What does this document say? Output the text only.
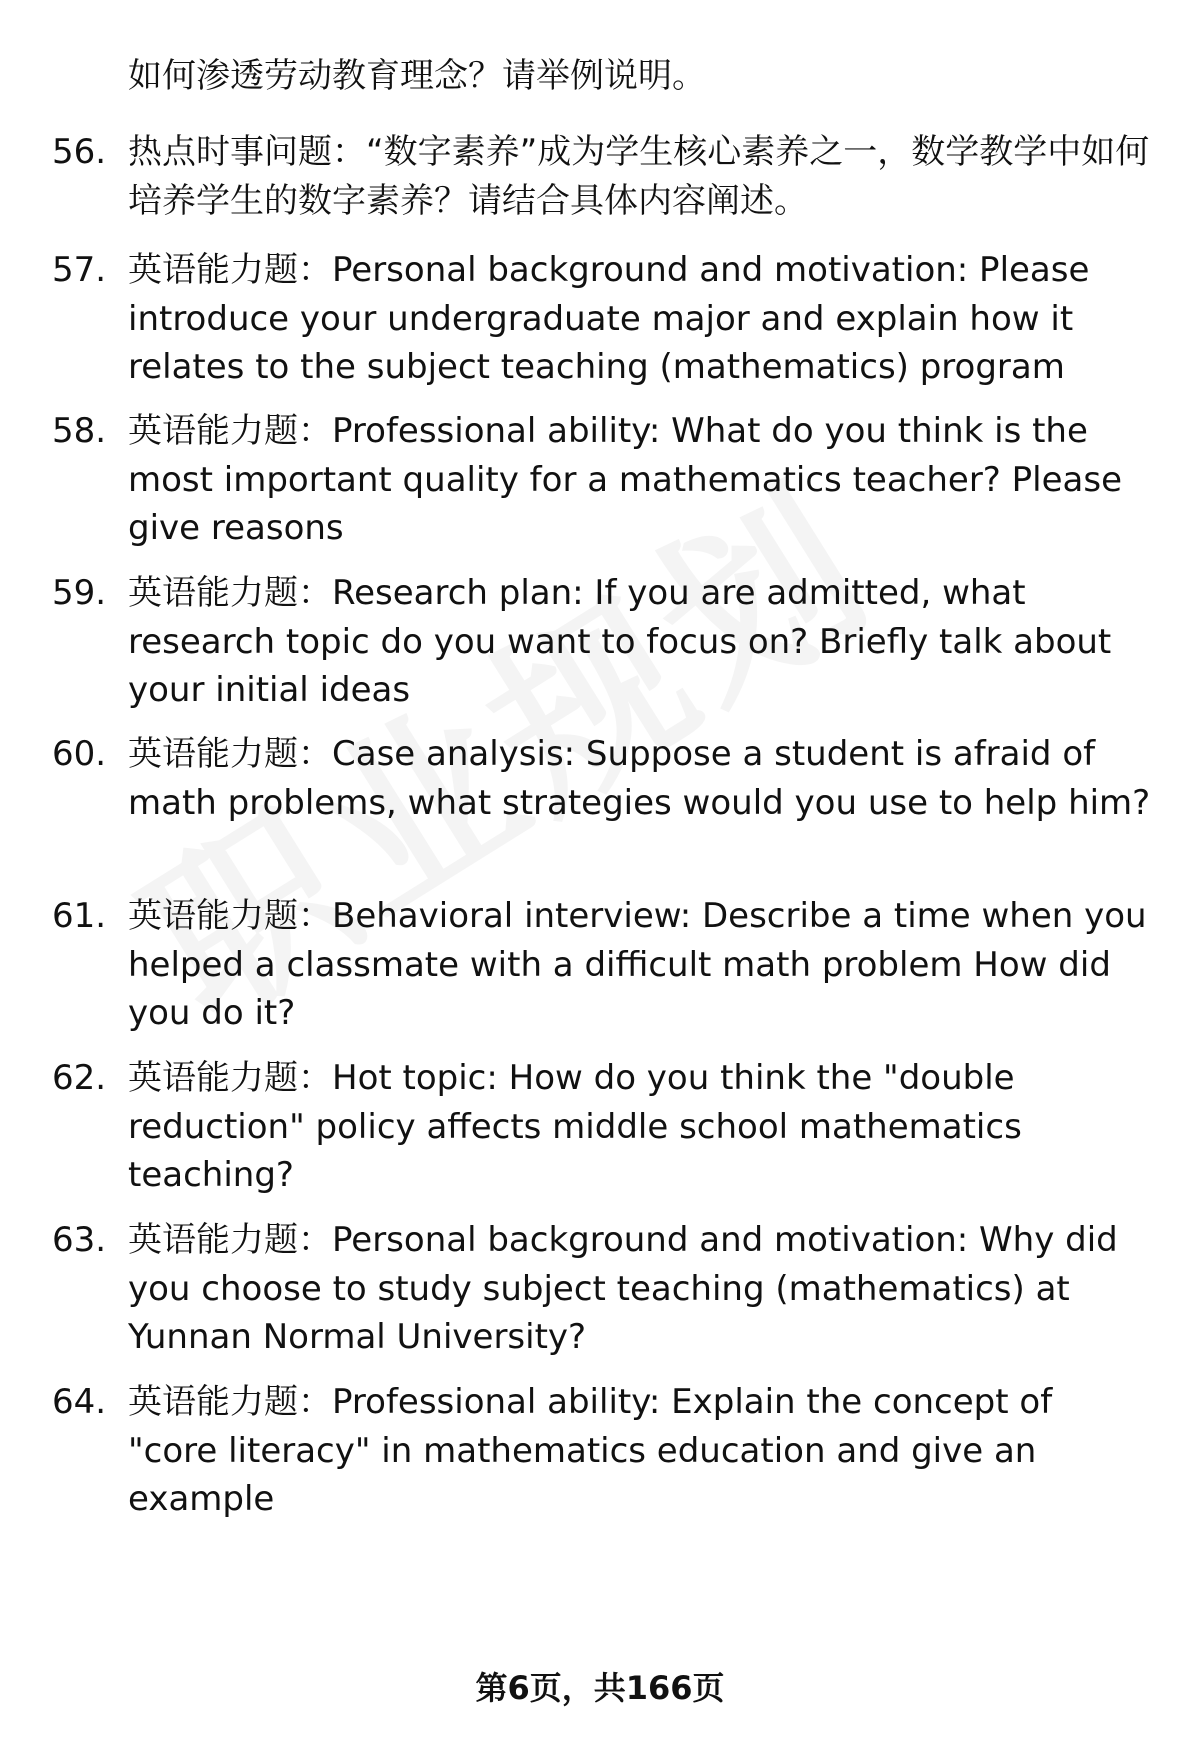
如何渗透劳动教育理念？请举例说明。
56. 热点时事问题：“数字素养”成为学生核心素养之一，数学教学中如何培养学生的数字素养？请结合具体内容阐述。
57. 英语能力题：Personal background and motivation: Please introduce your undergraduate major and explain how it relates to the subject teaching (mathematics) program
58. 英语能力题：Professional ability: What do you think is the most important quality for a mathematics teacher? Please give reasons
59. 英语能力题：Research plan: If you are admitted, what research topic do you want to focus on? Briefly talk about your initial ideas
60. 英语能力题：Case analysis: Suppose a student is afraid of math problems, what strategies would you use to help him?
61. 英语能力题：Behavioral interview: Describe a time when you helped a classmate with a difficult math problem How did you do it?
62. 英语能力题：Hot topic: How do you think the "double reduction" policy affects middle school mathematics teaching?
63. 英语能力题：Personal background and motivation: Why did you choose to study subject teaching (mathematics) at Yunnan Normal University?
64. 英语能力题：Professional ability: Explain the concept of "core literacy" in mathematics education and give an example
第6页，共166页
